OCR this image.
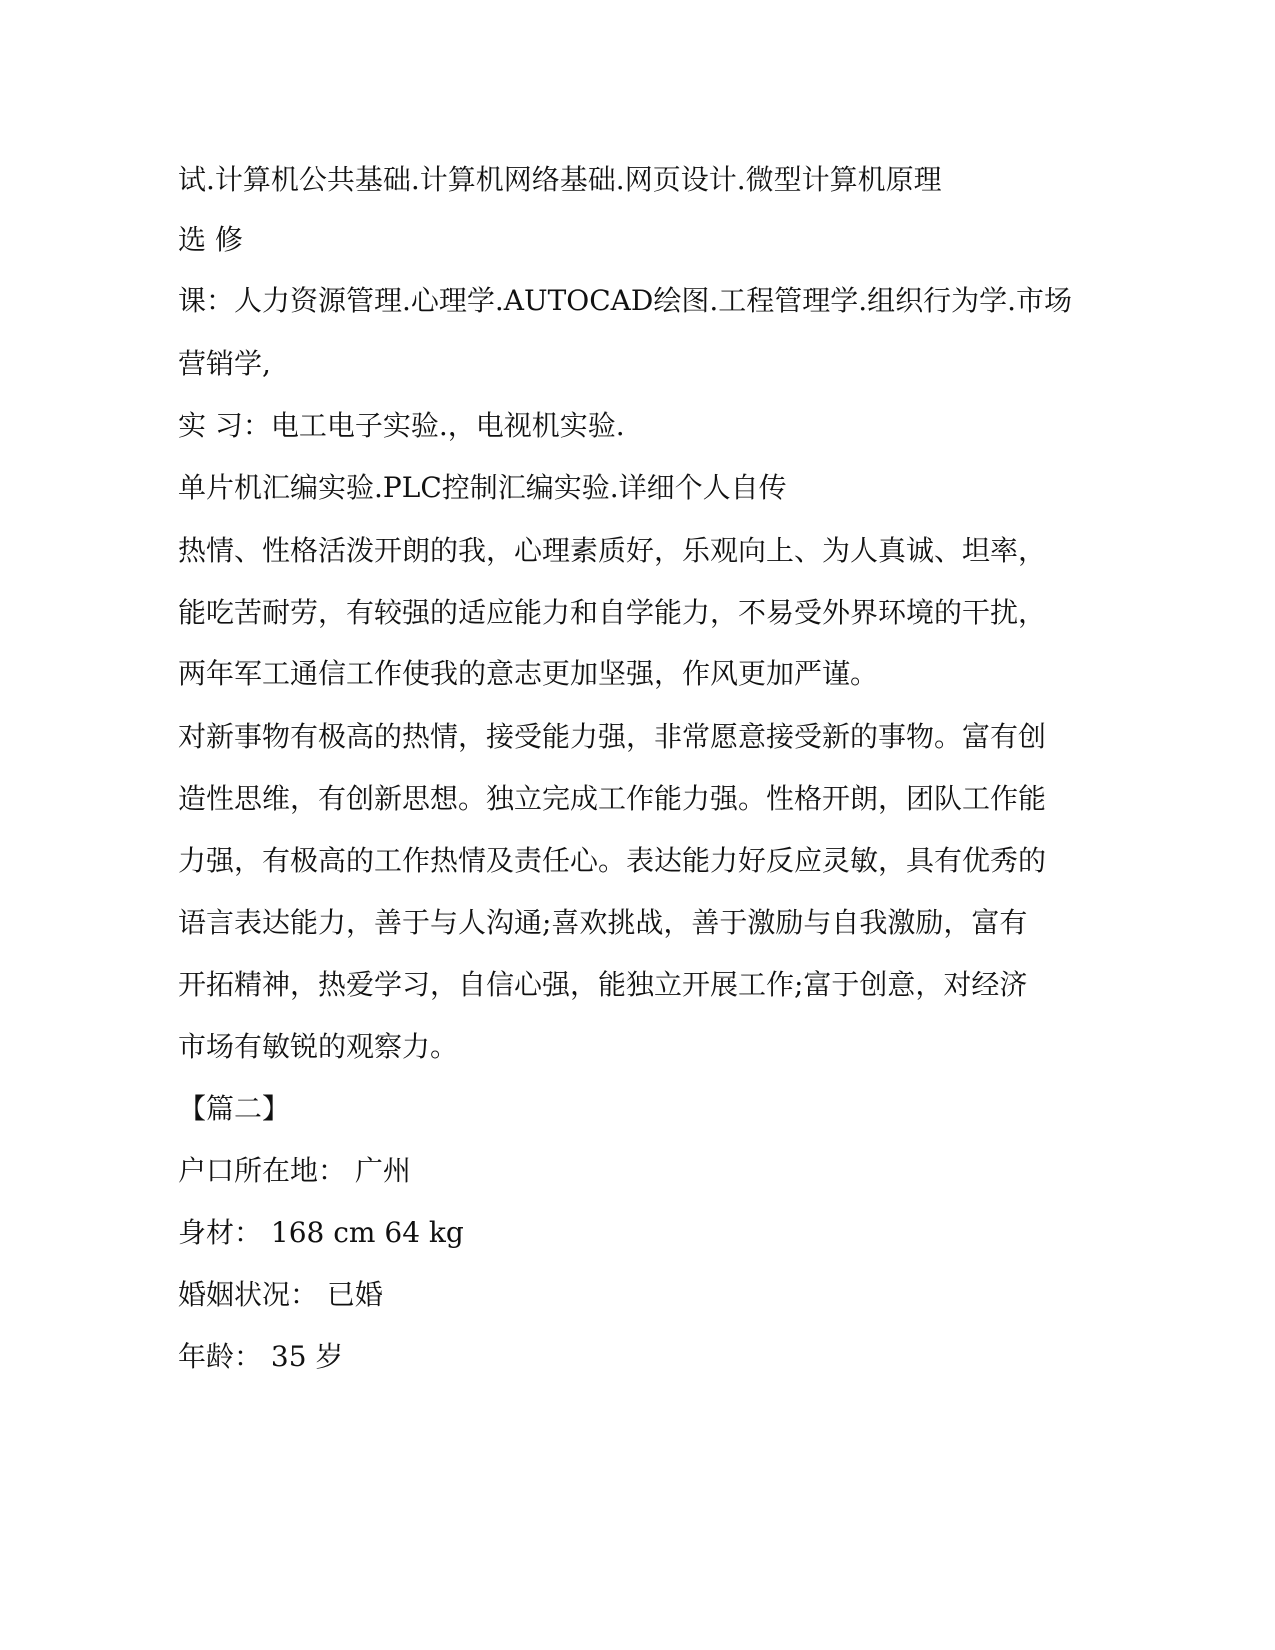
试.计算机公共基础.计算机网络基础.网页设计.微型计算机原理
选 修
课：人力资源管理.心理学.AUTOCAD绘图.工程管理学.组织行为学.市场
营销学,
实 习：电工电子实验.，电视机实验.
单片机汇编实验.PLC控制汇编实验.详细个人自传
热情、性格活泼开朗的我，心理素质好，乐观向上、为人真诚、坦率，
能吃苦耐劳，有较强的适应能力和自学能力，不易受外界环境的干扰，
两年军工通信工作使我的意志更加坚强，作风更加严谨。
对新事物有极高的热情，接受能力强，非常愿意接受新的事物。富有创
造性思维，有创新思想。独立完成工作能力强。性格开朗，团队工作能
力强，有极高的工作热情及责任心。表达能力好反应灵敏，具有优秀的
语言表达能力，善于与人沟通;喜欢挑战，善于激励与自我激励，富有
开拓精神，热爱学习，自信心强，能独立开展工作;富于创意，对经济
市场有敏锐的观察力。
【篇二】
户口所在地： 广州
身材： 168 cm 64 kg
婚姻状况： 已婚
年龄： 35 岁
